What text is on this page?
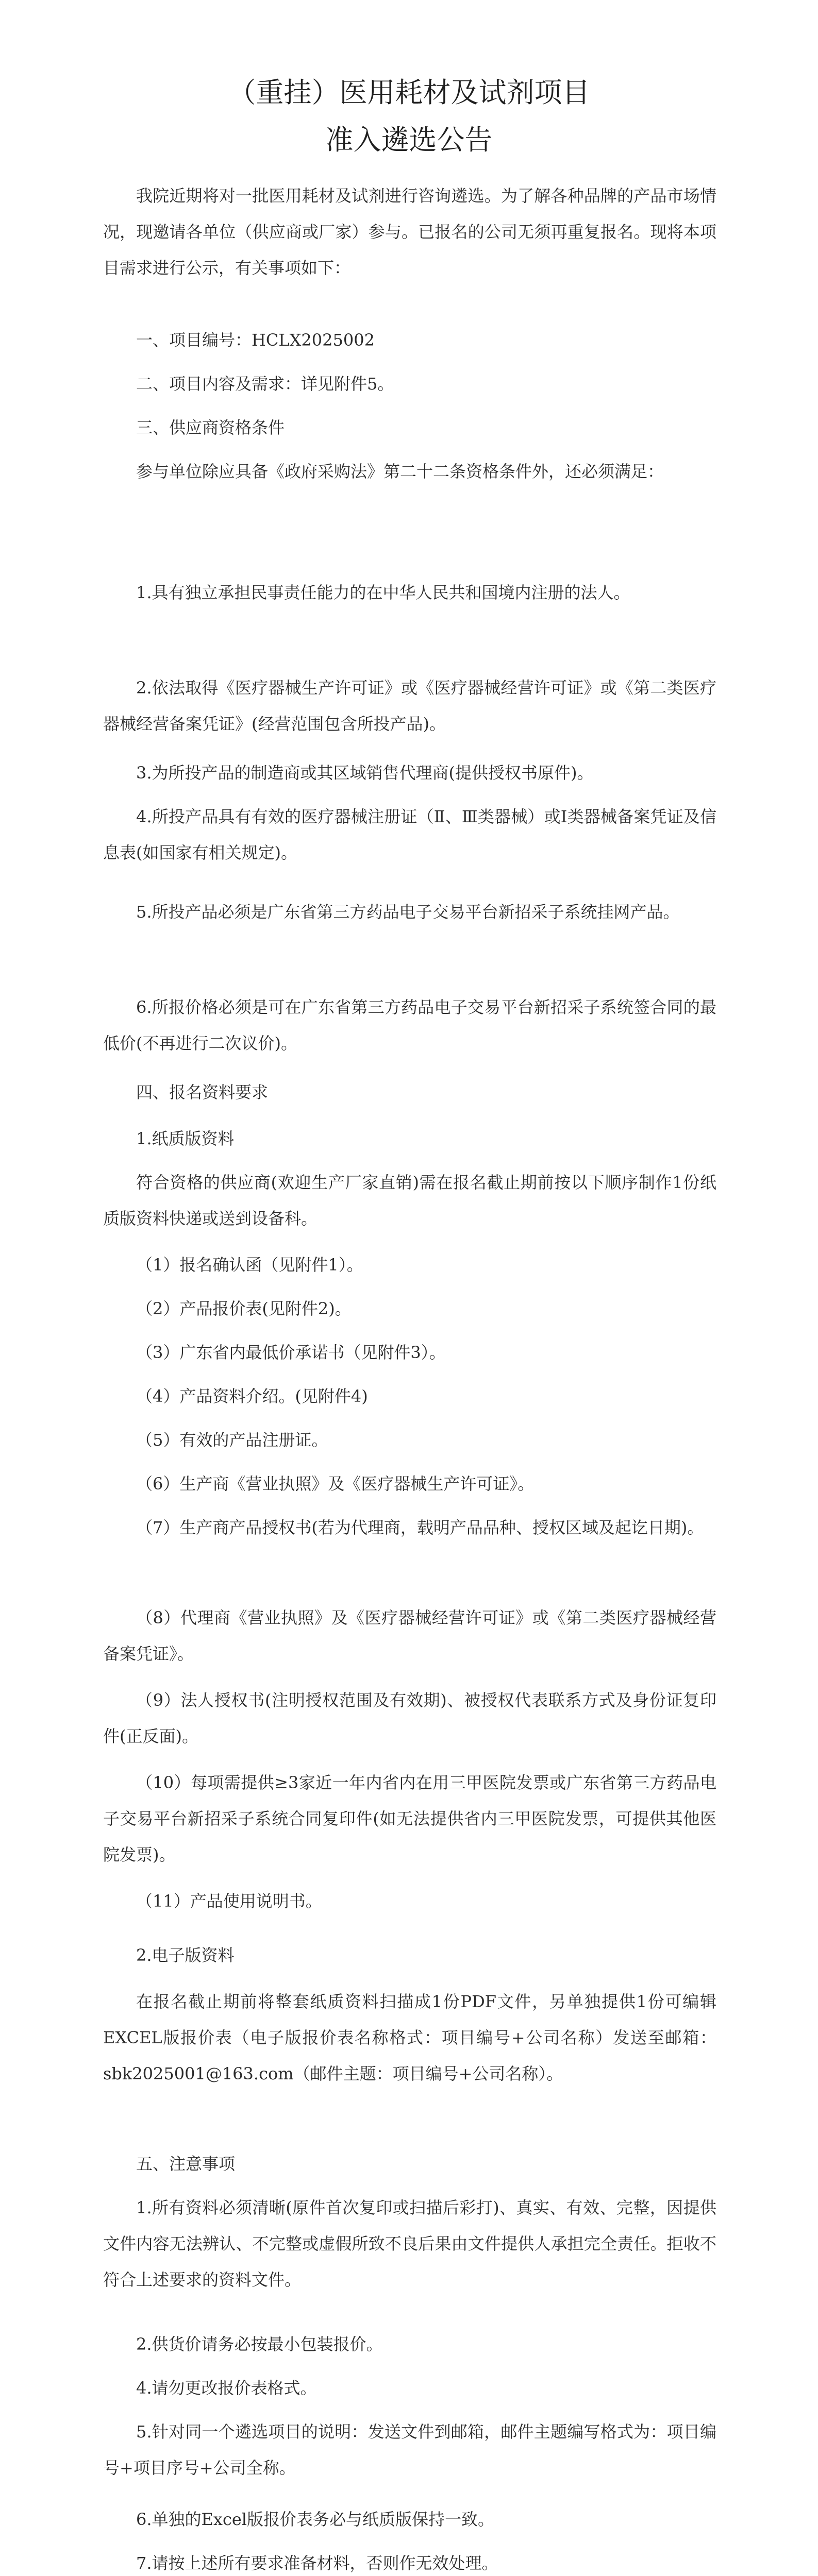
（重挂）医用耗材及试剂项目
准入遴选公告

我院近期将对一批医用耗材及试剂进行咨询遴选。为了解各种品牌的产品市场情况，现邀请各单位（供应商或厂家）参与。已报名的公司无须再重复报名。现将本项目需求进行公示，有关事项如下：

一、项目编号：HCLX2025002

二、项目内容及需求：详见附件5。

三、供应商资格条件

参与单位除应具备《政府采购法》第二十二条资格条件外，还必须满足：

1.具有独立承担民事责任能力的在中华人民共和国境内注册的法人。

2.依法取得《医疗器械生产许可证》或《医疗器械经营许可证》或《第二类医疗器械经营备案凭证》(经营范围包含所投产品)。

3.为所投产品的制造商或其区域销售代理商(提供授权书原件)。

4.所投产品具有有效的医疗器械注册证（Ⅱ、Ⅲ类器械）或Ⅰ类器械备案凭证及信息表(如国家有相关规定)。

5.所投产品必须是广东省第三方药品电子交易平台新招采子系统挂网产品。

6.所报价格必须是可在广东省第三方药品电子交易平台新招采子系统签合同的最低价(不再进行二次议价)。

四、报名资料要求

1.纸质版资料

符合资格的供应商(欢迎生产厂家直销)需在报名截止期前按以下顺序制作1份纸质版资料快递或送到设备科。

（1）报名确认函（见附件1）。

（2）产品报价表(见附件2)。

（3）广东省内最低价承诺书（见附件3）。

（4）产品资料介绍。(见附件4)

（5）有效的产品注册证。

（6）生产商《营业执照》及《医疗器械生产许可证》。

（7）生产商产品授权书(若为代理商，载明产品品种、授权区域及起讫日期)。

（8）代理商《营业执照》及《医疗器械经营许可证》或《第二类医疗器械经营备案凭证》。

（9）法人授权书(注明授权范围及有效期)、被授权代表联系方式及身份证复印件(正反面)。

（10）每项需提供≥3家近一年内省内在用三甲医院发票或广东省第三方药品电子交易平台新招采子系统合同复印件(如无法提供省内三甲医院发票，可提供其他医院发票)。

（11）产品使用说明书。

2.电子版资料

在报名截止期前将整套纸质资料扫描成1份PDF文件，另单独提供1份可编辑EXCEL版报价表（电子版报价表名称格式：项目编号+公司名称）发送至邮箱：sbk2025001@163.com（邮件主题：项目编号+公司名称）。

五、注意事项

1.所有资料必须清晰(原件首次复印或扫描后彩打)、真实、有效、完整，因提供文件内容无法辨认、不完整或虚假所致不良后果由文件提供人承担完全责任。拒收不符合上述要求的资料文件。

2.供货价请务必按最小包装报价。

4.请勿更改报价表格式。

5.针对同一个遴选项目的说明：发送文件到邮箱，邮件主题编写格式为：项目编号+项目序号+公司全称。

6.单独的Excel版报价表务必与纸质版保持一致。

7.请按上述所有要求准备材料，否则作无效处理。
